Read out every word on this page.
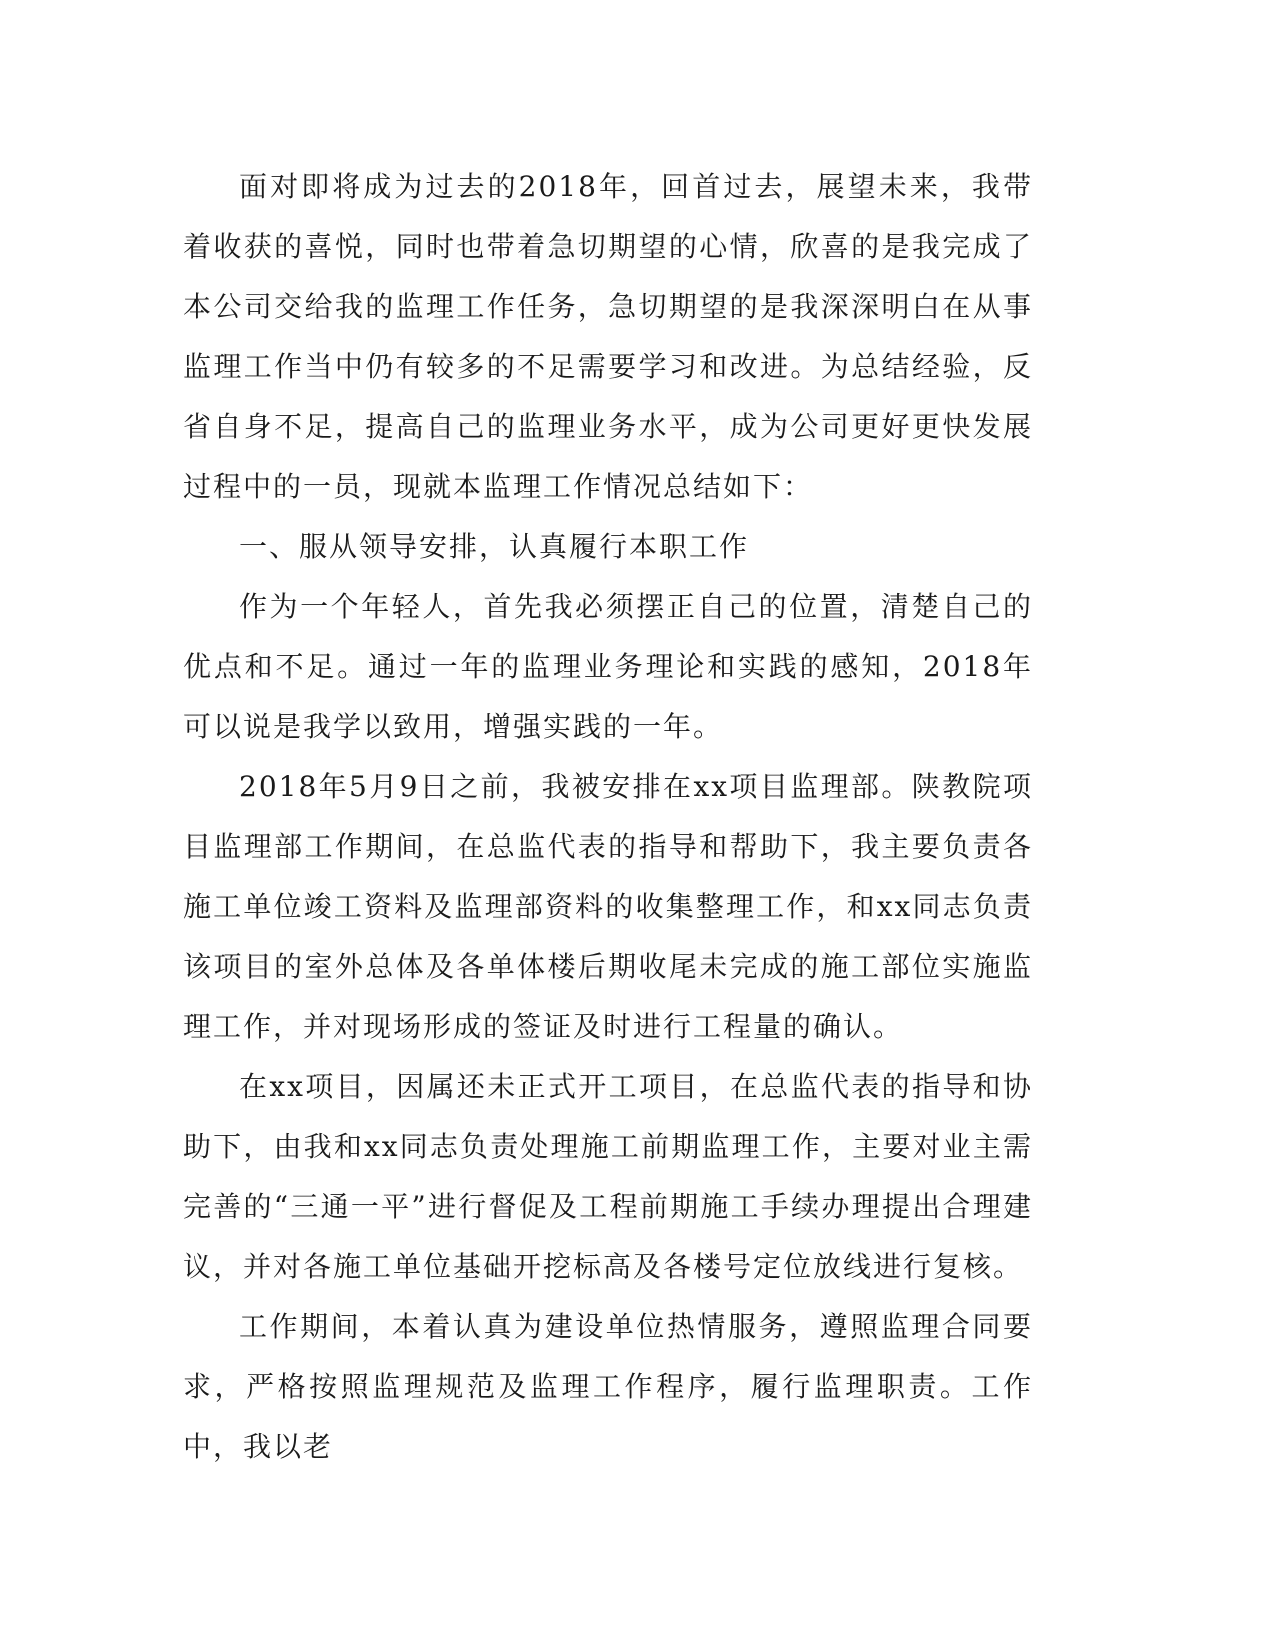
面对即将成为过去的2018年，回首过去，展望未来，我带着收获的喜悦，同时也带着急切期望的心情，欣喜的是我完成了本公司交给我的监理工作任务，急切期望的是我深深明白在从事监理工作当中仍有较多的不足需要学习和改进。为总结经验，反省自身不足，提高自己的监理业务水平，成为公司更好更快发展过程中的一员，现就本监理工作情况总结如下：

一、服从领导安排，认真履行本职工作

作为一个年轻人，首先我必须摆正自己的位置，清楚自己的优点和不足。通过一年的监理业务理论和实践的感知，2018年可以说是我学以致用，增强实践的一年。

2018年5月9日之前，我被安排在xx项目监理部。陕教院项目监理部工作期间，在总监代表的指导和帮助下，我主要负责各施工单位竣工资料及监理部资料的收集整理工作，和xx同志负责该项目的室外总体及各单体楼后期收尾未完成的施工部位实施监理工作，并对现场形成的签证及时进行工程量的确认。

在xx项目，因属还未正式开工项目，在总监代表的指导和协助下，由我和xx同志负责处理施工前期监理工作，主要对业主需完善的“三通一平”进行督促及工程前期施工手续办理提出合理建议，并对各施工单位基础开挖标高及各楼号定位放线进行复核。

工作期间，本着认真为建设单位热情服务，遵照监理合同要求，严格按照监理规范及监理工作程序，履行监理职责。工作中，我以老
